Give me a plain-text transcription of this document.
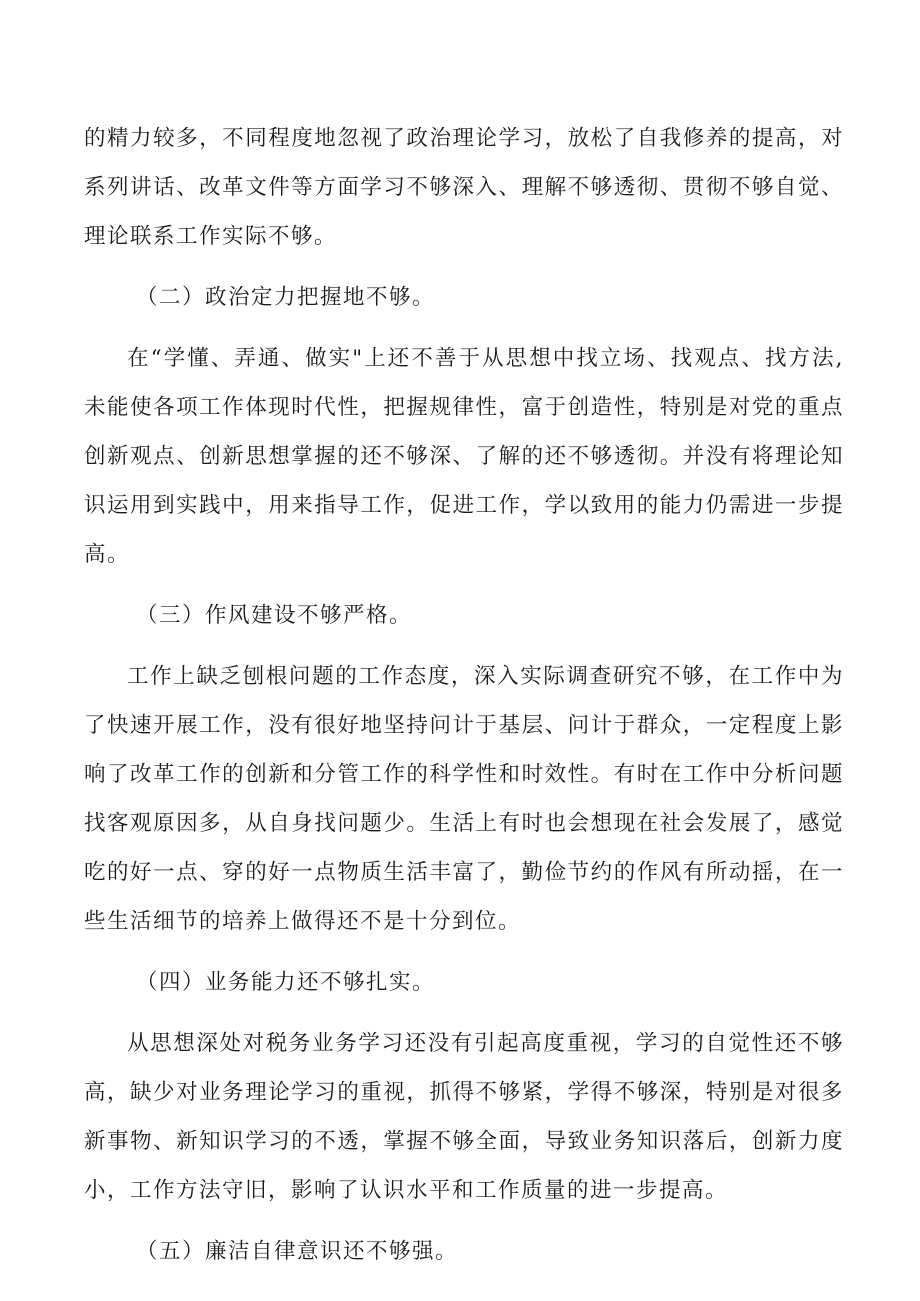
的精力较多，不同程度地忽视了政治理论学习，放松了自我修养的提高，对系列讲话、改革文件等方面学习不够深入、理解不够透彻、贯彻不够自觉、理论联系工作实际不够。

（二）政治定力把握地不够。

在“学懂、弄通、做实"上还不善于从思想中找立场、找观点、找方法,未能使各项工作体现时代性，把握规律性，富于创造性，特别是对党的重点创新观点、创新思想掌握的还不够深、了解的还不够透彻。并没有将理论知识运用到实践中，用来指导工作，促进工作，学以致用的能力仍需进一步提高。

（三）作风建设不够严格。

工作上缺乏刨根问题的工作态度，深入实际调查研究不够，在工作中为了快速开展工作，没有很好地坚持问计于基层、问计于群众，一定程度上影响了改革工作的创新和分管工作的科学性和时效性。有时在工作中分析问题找客观原因多，从自身找问题少。生活上有时也会想现在社会发展了，感觉吃的好一点、穿的好一点物质生活丰富了，勤俭节约的作风有所动摇，在一些生活细节的培养上做得还不是十分到位。

（四）业务能力还不够扎实。

从思想深处对税务业务学习还没有引起高度重视，学习的自觉性还不够高，缺少对业务理论学习的重视，抓得不够紧，学得不够深，特别是对很多新事物、新知识学习的不透，掌握不够全面，导致业务知识落后，创新力度小，工作方法守旧，影响了认识水平和工作质量的进一步提高。

（五）廉洁自律意识还不够强。
